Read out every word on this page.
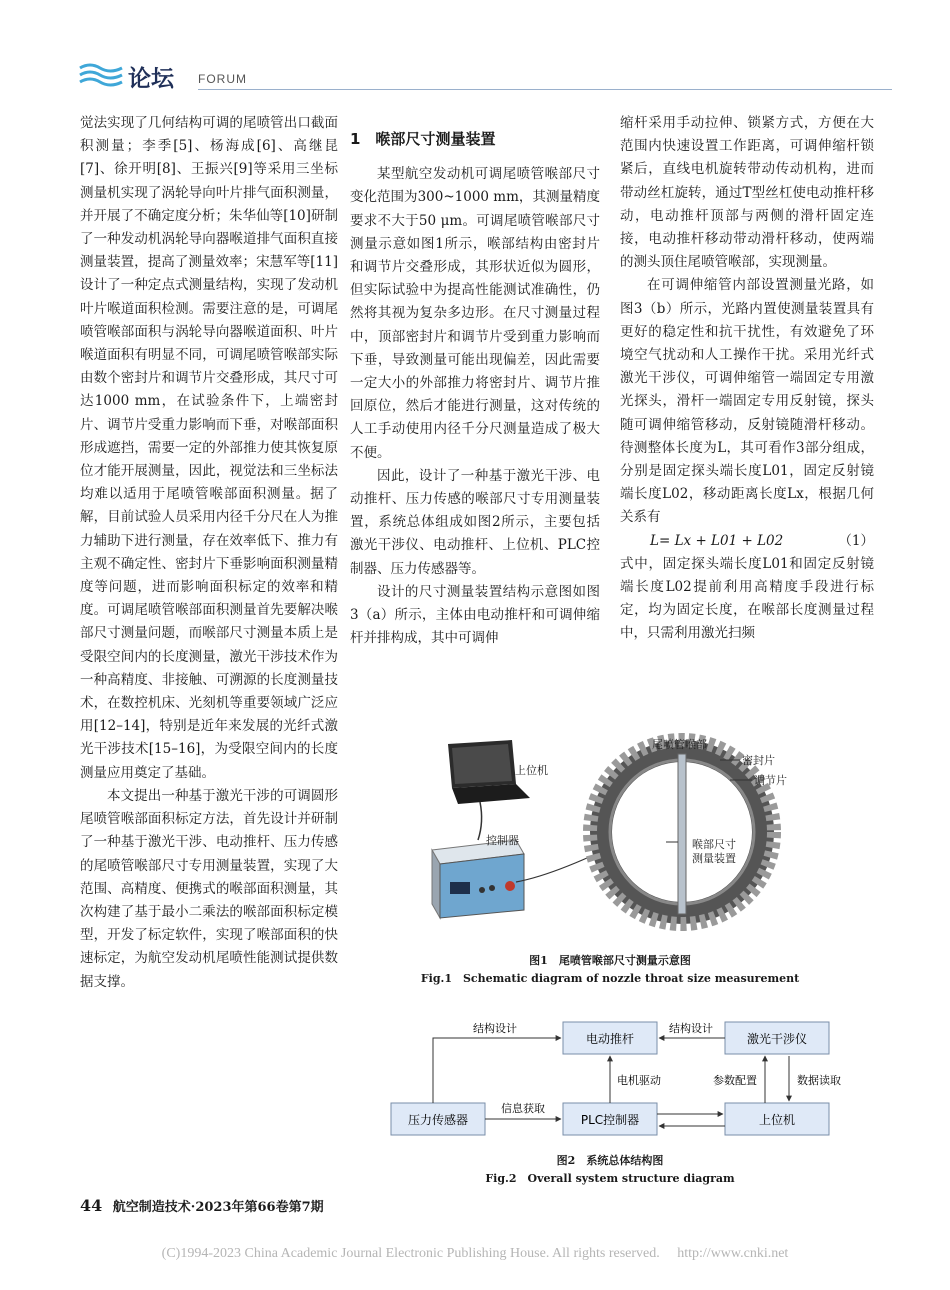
论坛 FORUM

觉法实现了几何结构可调的尾喷管出口截面积测量；李季[5]、杨海成[6]、高继昆[7]、徐开明[8]、王振兴[9]等采用三坐标测量机实现了涡轮导向叶片排气面积测量，并开展了不确定度分析；朱华仙等[10]研制了一种发动机涡轮导向器喉道排气面积直接测量装置，提高了测量效率；宋慧军等[11]设计了一种定点式测量结构，实现了发动机叶片喉道面积检测。需要注意的是，可调尾喷管喉部面积与涡轮导向器喉道面积、叶片喉道面积有明显不同，可调尾喷管喉部实际由数个密封片和调节片交叠形成，其尺寸可达1000 mm，在试验条件下，上端密封片、调节片受重力影响而下垂，对喉部面积形成遮挡，需要一定的外部推力使其恢复原位才能开展测量，因此，视觉法和三坐标法均难以适用于尾喷管喉部面积测量。据了解，目前试验人员采用内径千分尺在人为推力辅助下进行测量，存在效率低下、推力有主观不确定性、密封片下垂影响面积测量精度等问题，进而影响面积标定的效率和精度。可调尾喷管喉部面积测量首先要解决喉部尺寸测量问题，而喉部尺寸测量本质上是受限空间内的长度测量，激光干涉技术作为一种高精度、非接触、可溯源的长度测量技术，在数控机床、光刻机等重要领域广泛应用[12–14]，特别是近年来发展的光纤式激光干涉技术[15–16]，为受限空间内的长度测量应用奠定了基础。

本文提出一种基于激光干涉的可调圆形尾喷管喉部面积标定方法，首先设计并研制了一种基于激光干涉、电动推杆、压力传感的尾喷管喉部尺寸专用测量装置，实现了大范围、高精度、便携式的喉部面积测量，其次构建了基于最小二乘法的喉部面积标定模型，开发了标定软件，实现了喉部面积的快速标定，为航空发动机尾喷性能测试提供数据支撑。

1　喉部尺寸测量装置

某型航空发动机可调尾喷管喉部尺寸变化范围为300~1000 mm，其测量精度要求不大于50 μm。可调尾喷管喉部尺寸测量示意如图1所示，喉部结构由密封片和调节片交叠形成，其形状近似为圆形，但实际试验中为提高性能测试准确性，仍然将其视为复杂多边形。在尺寸测量过程中，顶部密封片和调节片受到重力影响而下垂，导致测量可能出现偏差，因此需要一定大小的外部推力将密封片、调节片推回原位，然后才能进行测量，这对传统的人工手动使用内径千分尺测量造成了极大不便。

因此，设计了一种基于激光干涉、电动推杆、压力传感的喉部尺寸专用测量装置，系统总体组成如图2所示，主要包括激光干涉仪、电动推杆、上位机、PLC控制器、压力传感器等。

设计的尺寸测量装置结构示意图如图3（a）所示，主体由电动推杆和可调伸缩杆并排构成，其中可调伸

缩杆采用手动拉伸、锁紧方式，方便在大范围内快速设置工作距离，可调伸缩杆锁紧后，直线电机旋转带动传动机构，进而带动丝杠旋转，通过T型丝杠使电动推杆移动，电动推杆顶部与两侧的滑杆固定连接，电动推杆移动带动滑杆移动，使两端的测头顶住尾喷管喉部，实现测量。

在可调伸缩管内部设置测量光路，如图3（b）所示，光路内置使测量装置具有更好的稳定性和抗干扰性，有效避免了环境空气扰动和人工操作干扰。采用光纤式激光干涉仪，可调伸缩管一端固定专用激光探头，滑杆一端固定专用反射镜，探头随可调伸缩管移动，反射镜随滑杆移动。待测整体长度为L，其可看作3部分组成，分别是固定探头端长度L01，固定反射镜端长度L02，移动距离长度Lx，根据几何关系有

L= Lx + L01 + L02	（1）

式中，固定探头端长度L01和固定反射镜端长度L02提前利用高精度手段进行标定，均为固定长度，在喉部长度测量过程中，只需利用激光扫频

上位机
控制器
尾喷管喉部
密封片
调节片
喉部尺寸
测量装置
图1　尾喷管喉部尺寸测量示意图
Fig.1　Schematic diagram of nozzle throat size measurement
电动推杆	激光干涉仪
压力传感器	PLC控制器	上位机
结构设计	结构设计
电机驱动	参数配置	数据读取
信息获取
图2　系统总体结构图
Fig.2　Overall system structure diagram
44 航空制造技术·2023年第66卷第7期
(C)1994-2023 China Academic Journal Electronic Publishing House. All rights reserved.　 http://www.cnki.net
